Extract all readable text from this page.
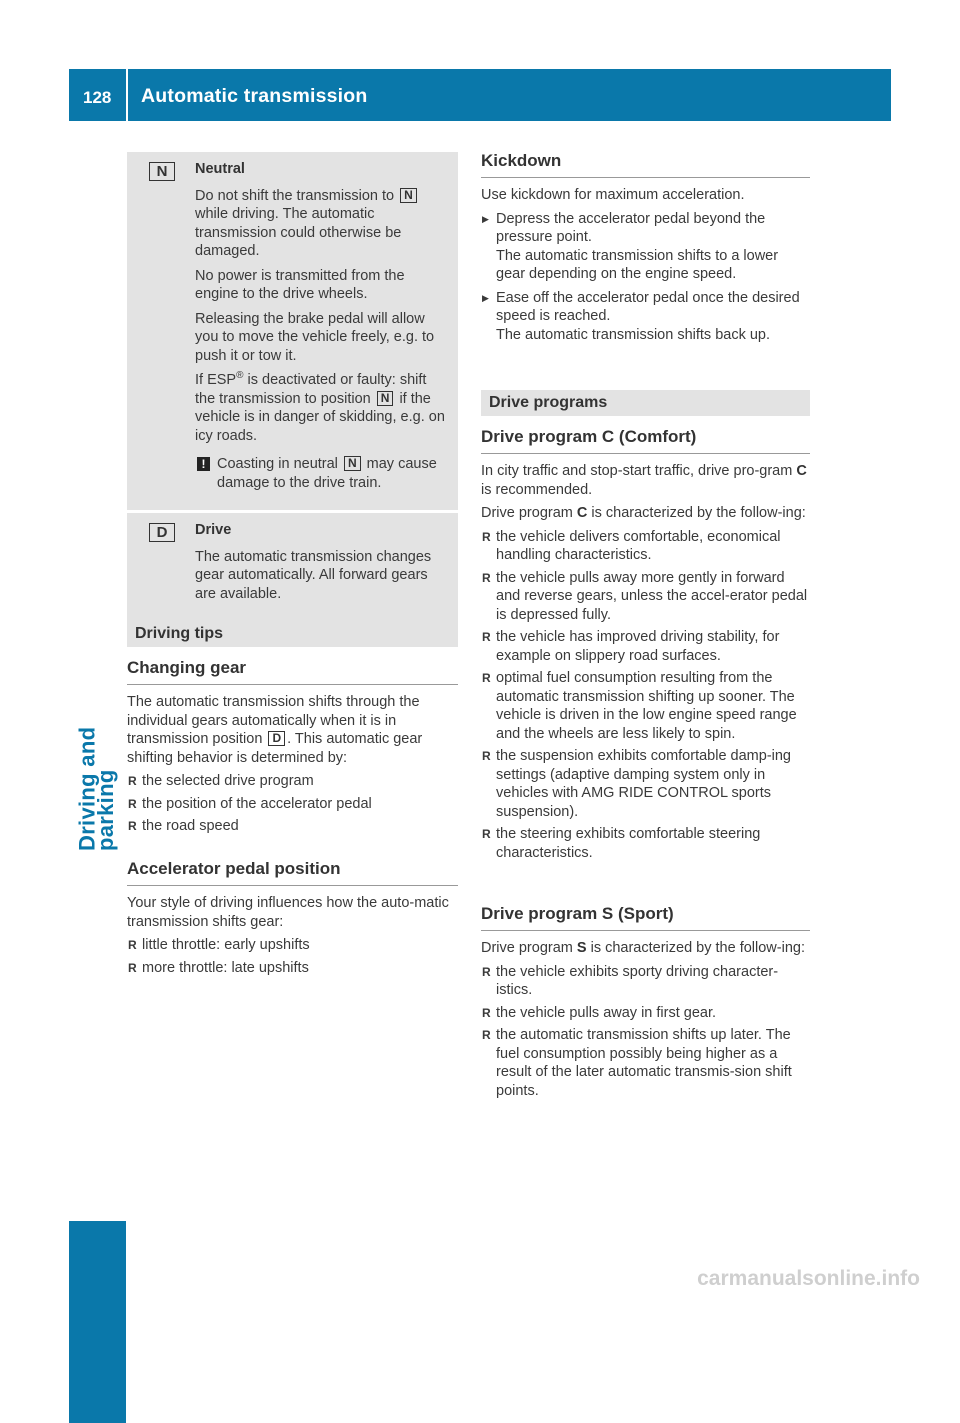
128 Automatic transmission
Driving and parking
N	Neutral

Do not shift the transmission to N while driving. The automatic transmission could otherwise be damaged.

No power is transmitted from the engine to the drive wheels.

Releasing the brake pedal will allow you to move the vehicle freely, e.g. to push it or tow it.

If ESP® is deactivated or faulty: shift the transmission to position N if the vehicle is in danger of skidding, e.g. on icy roads.

! Coasting in neutral N may cause damage to the drive train.

D	Drive

The automatic transmission changes gear automatically. All forward gears are available.

Driving tips
Changing gear

The automatic transmission shifts through the individual gears automatically when it is in transmission position D . This automatic gear shifting behavior is determined by:

R the selected drive program
R the position of the accelerator pedal
R the road speed
Accelerator pedal position

Your style of driving influences how the auto-matic transmission shifts gear:

R little throttle: early upshifts
R more throttle: late upshifts
Kickdown

Use kickdown for maximum acceleration.

▶ Depress the accelerator pedal beyond the pressure point.
The automatic transmission shifts to a lower gear depending on the engine speed.
▶ Ease off the accelerator pedal once the desired speed is reached.
The automatic transmission shifts back up.
Drive programs
Drive program C (Comfort)

In city traffic and stop-start traffic, drive pro-gram C is recommended.

Drive program C is characterized by the follow-ing:

R the vehicle delivers comfortable, economical handling characteristics.
R the vehicle pulls away more gently in forward and reverse gears, unless the accel-erator pedal is depressed fully.
R the vehicle has improved driving stability, for example on slippery road surfaces.
R optimal fuel consumption resulting from the automatic transmission shifting up sooner. The vehicle is driven in the low engine speed range and the wheels are less likely to spin.
R the suspension exhibits comfortable damp-ing settings (adaptive damping system only in vehicles with AMG RIDE CONTROL sports suspension).
R the steering exhibits comfortable steering characteristics.
Drive program S (Sport)

Drive program S is characterized by the follow-ing:

R the vehicle exhibits sporty driving character-istics.
R the vehicle pulls away in first gear.
R the automatic transmission shifts up later. The fuel consumption possibly being higher as a result of the later automatic transmis-sion shift points.
carmanualsonline.info
